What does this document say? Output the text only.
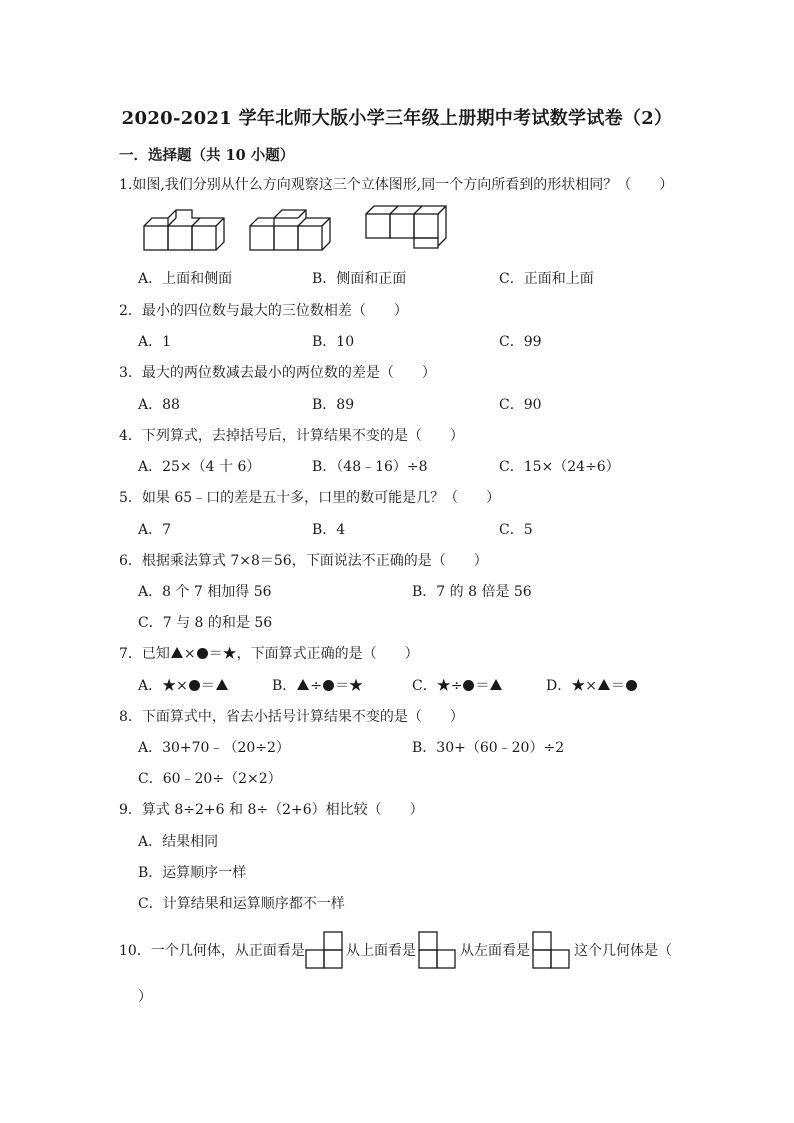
2020-2021 学年北师大版小学三年级上册期中考试数学试卷（2）
一．选择题（共 10 小题）
1.如图,我们分别从什么方向观察这三个立体图形,同一个方向所看到的形状相同？（　　）
A．上面和侧面	B．侧面和正面	C．正面和上面
2．最小的四位数与最大的三位数相差（　　）
A．1	B．10	C．99
3．最大的两位数减去最小的两位数的差是（　　）
A．88	B．89	C．90
4．下列算式，去掉括号后，计算结果不变的是（　　）
A．25×（4 十 6）	B．（48﹣16）÷8	C．15×（24÷6）
5．如果 65﹣口的差是五十多，口里的数可能是几？（　　）
A．7	B．4	C．5
6．根据乘法算式 7×8＝56，下面说法不正确的是（　　）
A．8 个 7 相加得 56	B．7 的 8 倍是 56
C．7 与 8 的和是 56
7．已知 × ＝★，下面算式正确的是（　　）
A．★× ＝	B． ÷ ＝★	C．★÷ ＝	D．★× ＝
8．下面算式中，省去小括号计算结果不变的是（　　）
A．30+70﹣（20÷2）	B．30+（60﹣20）÷2
C．60﹣20÷（2×2）
9．算式 8÷2+6 和 8÷（2+6）相比较（　　）
A．结果相同
B．运算顺序一样
C．计算结果和运算顺序都不一样
10．一个几何体，从正面看是	从上面看是	从左面看是	这个几何体是（
）
